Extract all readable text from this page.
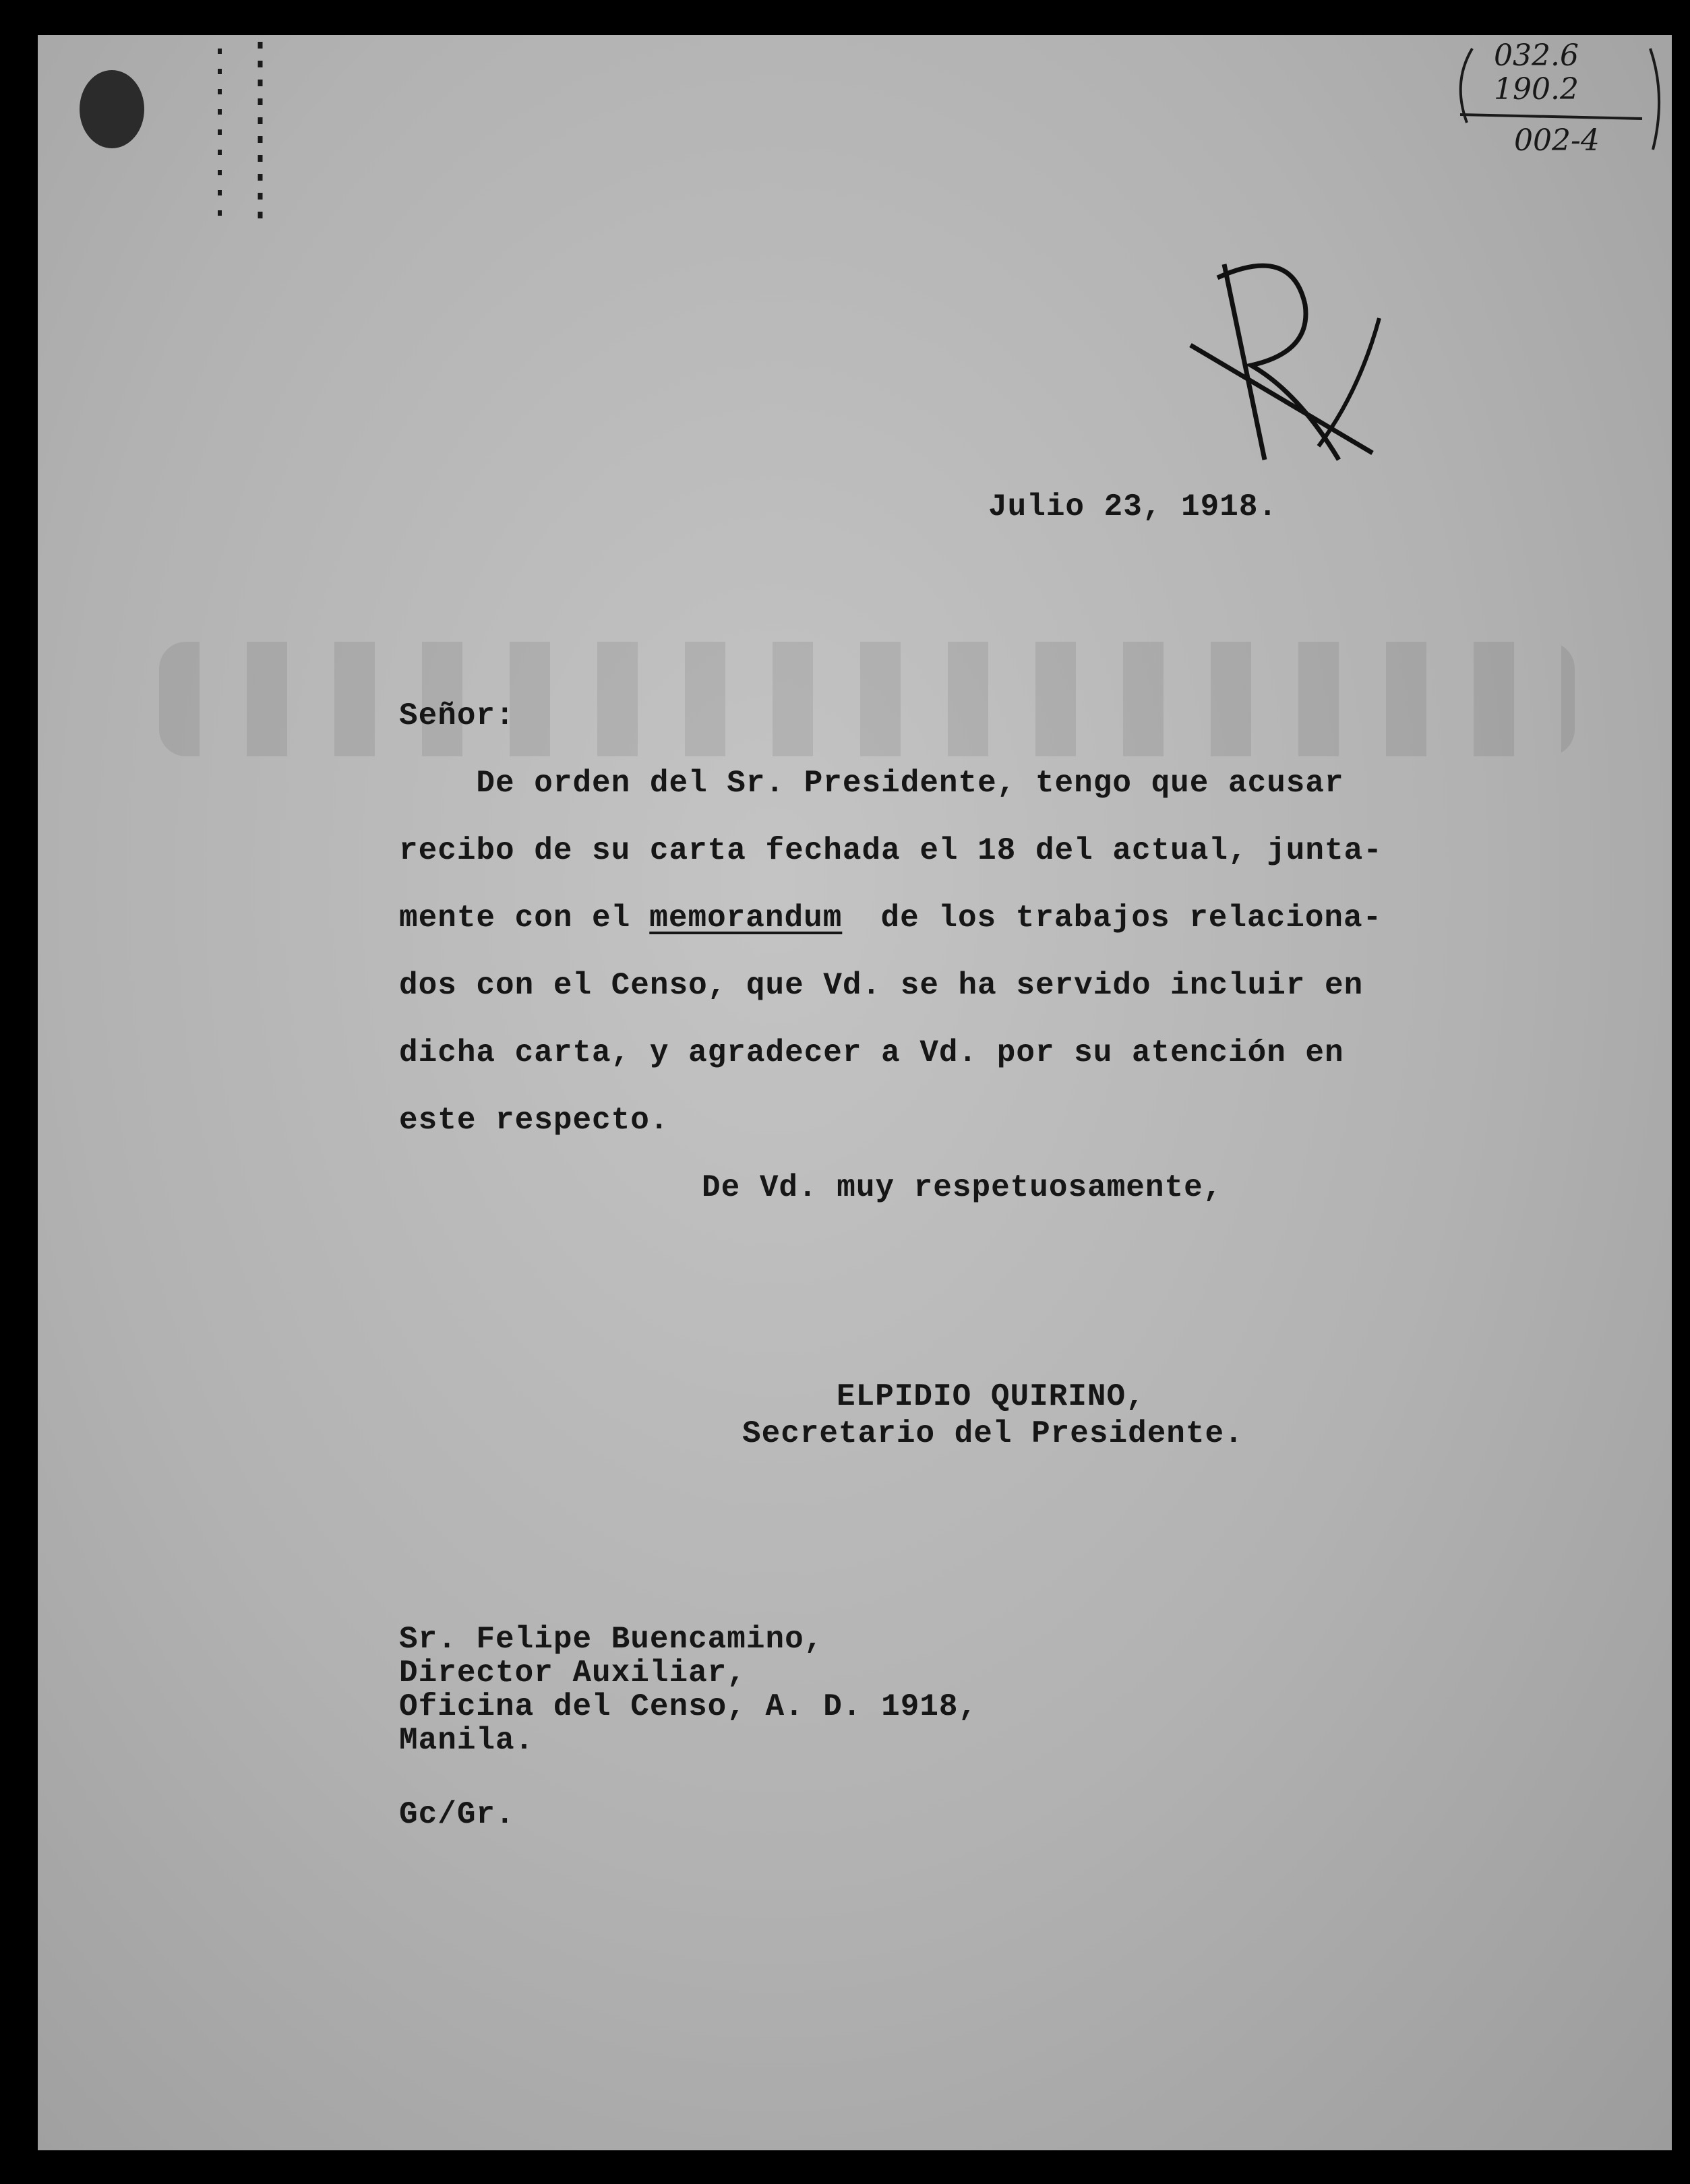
032.6
190.2
002-4
Julio 23, 1918.
Señor:
De orden del Sr. Presidente, tengo que acusar
recibo de su carta fechada el 18 del actual, junta-
mente con el memorandum  de los trabajos relaciona-
dos con el Censo, que Vd. se ha servido incluir en
dicha carta, y agradecer a Vd. por su atención en
este respecto.
De Vd. muy respetuosamente,
ELPIDIO QUIRINO,
Secretario del Presidente.
Sr. Felipe Buencamino,
Director Auxiliar,
Oficina del Censo, A. D. 1918,
Manila.
Gc/Gr.
